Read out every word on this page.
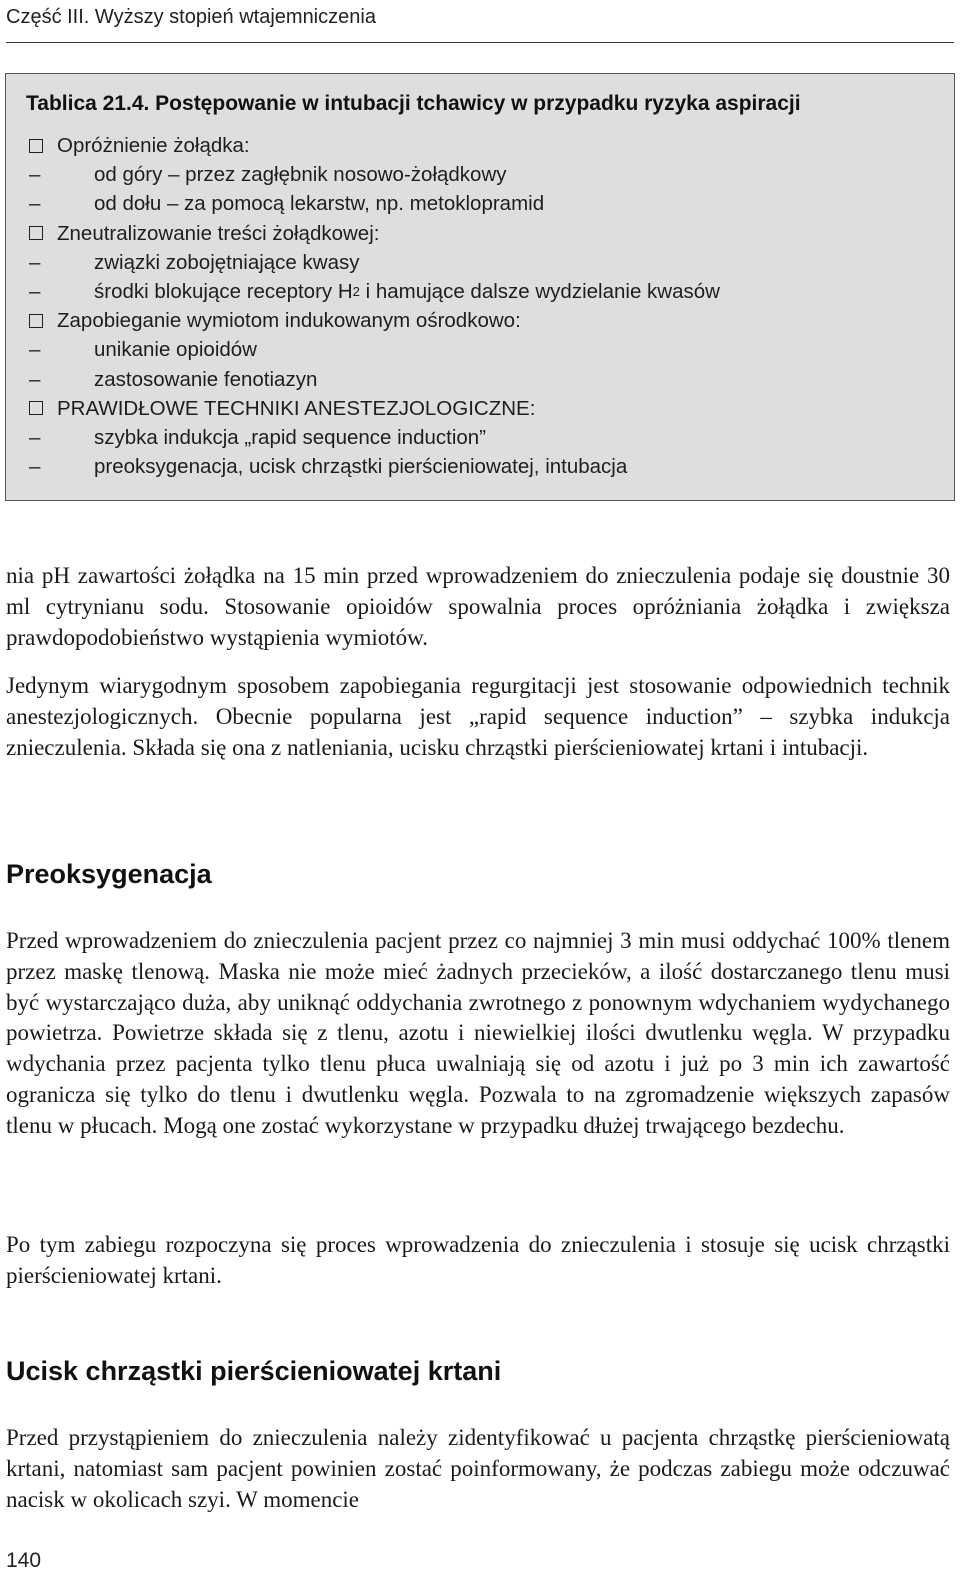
Część III. Wyższy stopień wtajemniczenia
Tablica 21.4. Postępowanie w intubacji tchawicy w przypadku ryzyka aspiracji
Opróżnienie żołądka:
–	od góry – przez zagłębnik nosowo-żołądkowy
–	od dołu – za pomocą lekarstw, np. metoklopramid
Zneutralizowanie treści żołądkowej:
–	związki zobojętniające kwasy
–	środki blokujące receptory H 2 i hamujące dalsze wydzielanie kwasów
Zapobieganie wymiotom indukowanym ośrodkowo:
–	unikanie opioidów
–	zastosowanie fenotiazyn
PRAWIDŁOWE TECHNIKI ANESTEZJOLOGICZNE:
–	szybka indukcja „rapid sequence induction”
–	preoksygenacja, ucisk chrząstki pierścieniowatej, intubacja

nia pH zawartości żołądka na 15 min przed wprowadzeniem do znieczulenia podaje się doustnie 30 ml cytrynianu sodu. Stosowanie opioidów spowalnia proces opróżniania żołądka i zwiększa prawdopodobieństwo wystąpienia wymiotów.

Jedynym wiarygodnym sposobem zapobiegania regurgitacji jest stosowanie odpowiednich technik anestezjologicznych. Obecnie popularna jest „rapid sequence induction” – szybka indukcja znieczulenia. Składa się ona z natleniania, ucisku chrząstki pierścieniowatej krtani i intubacji.

Preoksygenacja

Przed wprowadzeniem do znieczulenia pacjent przez co najmniej 3 min musi oddychać 100% tlenem przez maskę tlenową. Maska nie może mieć żadnych przecieków, a ilość dostarczanego tlenu musi być wystarczająco duża, aby uniknąć oddychania zwrotnego z ponownym wdychaniem wydychanego powietrza. Powietrze składa się z tlenu, azotu i niewielkiej ilości dwutlenku węgla. W przypadku wdychania przez pacjenta tylko tlenu płuca uwalniają się od azotu i już po 3 min ich zawartość ogranicza się tylko do tlenu i dwutlenku węgla. Pozwala to na zgromadzenie większych zapasów tlenu w płucach. Mogą one zostać wykorzystane w przypadku dłużej trwającego bezdechu.

Po tym zabiegu rozpoczyna się proces wprowadzenia do znieczulenia i stosuje się ucisk chrząstki pierścieniowatej krtani.

Ucisk chrząstki pierścieniowatej krtani

Przed przystąpieniem do znieczulenia należy zidentyfikować u pacjenta chrząstkę pierścieniowatą krtani, natomiast sam pacjent powinien zostać poinformowany, że podczas zabiegu może odczuwać nacisk w okolicach szyi. W momencie

140
